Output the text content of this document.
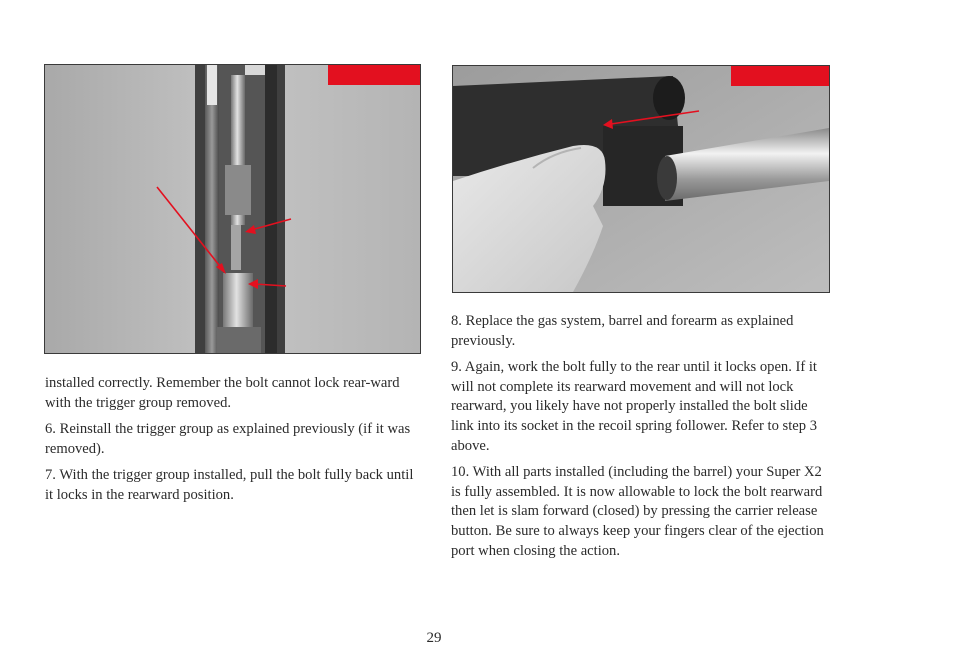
installed correctly. Remember the bolt cannot lock rear-ward with the trigger group removed.

6. Reinstall the trigger group as explained previously (if it was removed).

7. With the trigger group installed, pull the bolt fully back until it locks in the rearward position.

8. Replace the gas system, barrel and forearm as explained previously.

9. Again, work the bolt fully to the rear until it locks open. If it will not complete its rearward movement and will not lock rearward, you likely have not properly installed the bolt slide link into its socket in the recoil spring follower. Refer to step 3 above.

10. With all parts installed (including the barrel) your Super X2 is fully assembled. It is now allowable to lock the bolt rearward then let is slam forward (closed) by pressing the carrier release button. Be sure to always keep your fingers clear of the ejection port when closing the action.

29
